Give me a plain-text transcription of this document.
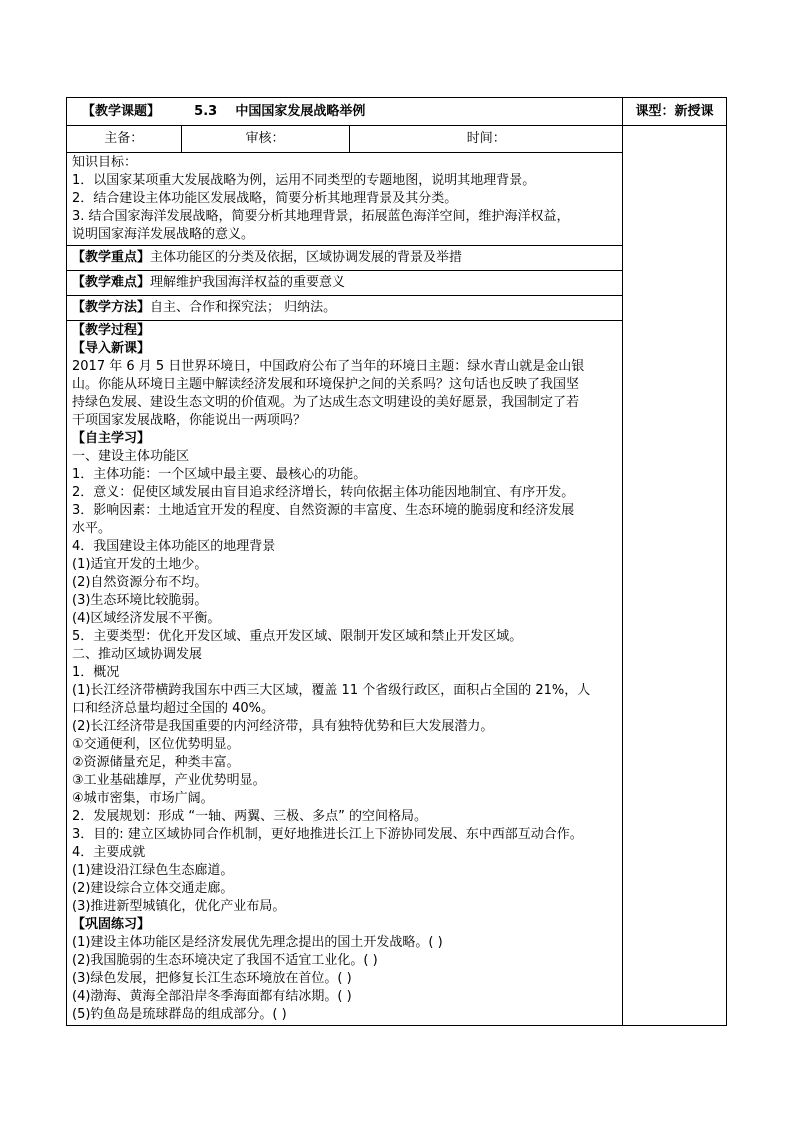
【教学课题】	5.3 中国国家发展战略举例	课型：新授课

主备：	审核：	时间：

知识目标：
1．以国家某项重大发展战略为例，运用不同类型的专题地图，说明其地理背景。
2．结合建设主体功能区发展战略，简要分析其地理背景及其分类。
3. 结合国家海洋发展战略，简要分析其地理背景，拓展蓝色海洋空间，维护海洋权益，
说明国家海洋发展战略的意义。

【教学重点】主体功能区的分类及依据，区域协调发展的背景及举措
【教学难点】理解维护我国海洋权益的重要意义
【教学方法】自主、合作和探究法； 归纳法。

【教学过程】
【导入新课】
2017 年 6 月 5 日世界环境日，中国政府公布了当年的环境日主题：绿水青山就是金山银
山。你能从环境日主题中解读经济发展和环境保护之间的关系吗？这句话也反映了我国坚
持绿色发展、建设生态文明的价值观。为了达成生态文明建设的美好愿景，我国制定了若
干项国家发展战略，你能说出一两项吗？
【自主学习】
一、建设主体功能区
1．主体功能：一个区域中最主要、最核心的功能。
2．意义：促使区域发展由盲目追求经济增长，转向依据主体功能因地制宜、有序开发。
3．影响因素：土地适宜开发的程度、自然资源的丰富度、生态环境的脆弱度和经济发展
水平。
4．我国建设主体功能区的地理背景
(1)适宜开发的土地少。
(2)自然资源分布不均。
(3)生态环境比较脆弱。
(4)区域经济发展不平衡。
5．主要类型：优化开发区域、重点开发区域、限制开发区域和禁止开发区域。
二、推动区域协调发展
1．概况
(1)长江经济带横跨我国东中西三大区域，覆盖 11 个省级行政区，面积占全国的 21%，人
口和经济总量均超过全国的 40%。
(2)长江经济带是我国重要的内河经济带，具有独特优势和巨大发展潜力。
①交通便利，区位优势明显。
②资源储量充足，种类丰富。
③工业基础雄厚，产业优势明显。
④城市密集，市场广阔。
2．发展规划：形成 “一轴、两翼、三极、多点” 的空间格局。
3．目的: 建立区域协同合作机制，更好地推进长江上下游协同发展、东中西部互动合作。
4．主要成就
(1)建设沿江绿色生态廊道。
(2)建设综合立体交通走廊。
(3)推进新型城镇化，优化产业布局。
【巩固练习】
(1)建设主体功能区是经济发展优先理念提出的国土开发战略。( )
(2)我国脆弱的生态环境决定了我国不适宜工业化。( )
(3)绿色发展，把修复长江生态环境放在首位。( )
(4)渤海、黄海全部沿岸冬季海面都有结冰期。( )
(5)钓鱼岛是琉球群岛的组成部分。( )
